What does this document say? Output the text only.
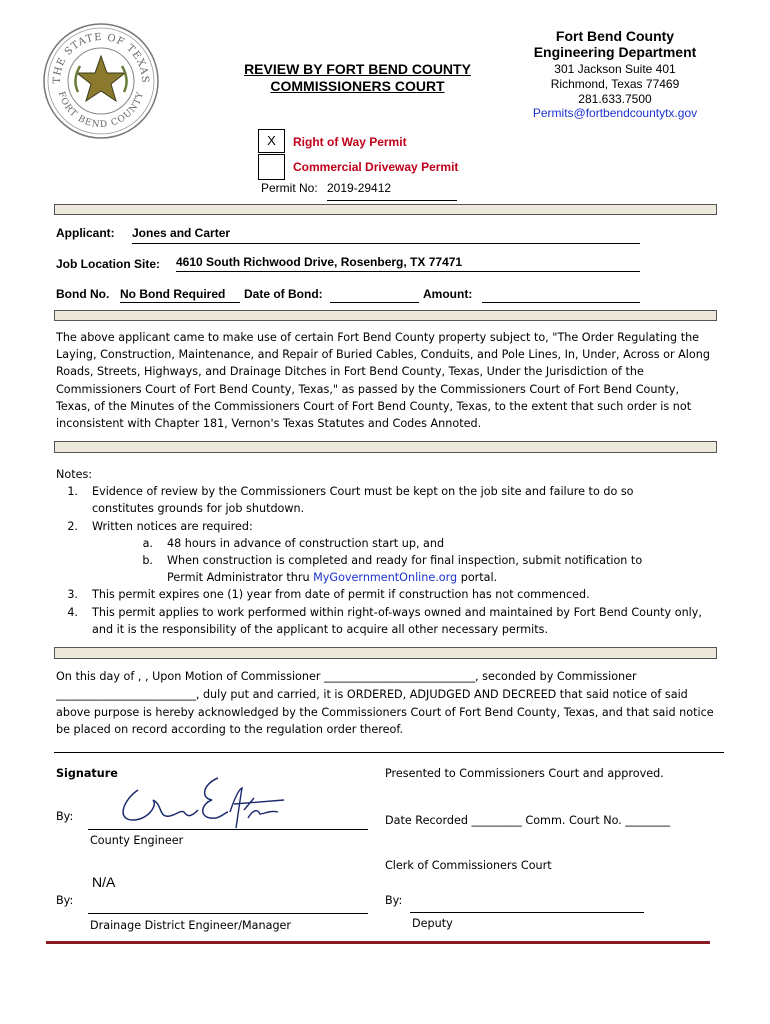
THE STATE OF TEXAS
FORT BEND COUNTY
REVIEW BY FORT BEND COUNTY
COMMISSIONERS COURT
Fort Bend County
Engineering Department
301 Jackson Suite 401
Richmond, Texas 77469
281.633.7500
Permits@fortbendcountytx.gov
X	Right of Way Permit
Commercial Driveway Permit
Permit No: 2019-29412
Applicant: Jones and Carter
Job Location Site: 4610 South Richwood Drive, Rosenberg, TX 77471
Bond No. No Bond Required	Date of Bond:	Amount:
The above applicant came to make use of certain Fort Bend County property subject to, "The Order Regulating the Laying, Construction, Maintenance, and Repair of Buried Cables, Conduits, and Pole Lines, In, Under, Across or Along Roads, Streets, Highways, and Drainage Ditches in Fort Bend County, Texas, Under the Jurisdiction of the Commissioners Court of Fort Bend County, Texas," as passed by the Commissioners Court of Fort Bend County, Texas, of the Minutes of the Commissioners Court of Fort Bend County, Texas, to the extent that such order is not inconsistent with Chapter 181, Vernon's Texas Statutes and Codes Annoted.
Notes:
1. Evidence of review by the Commissioners Court must be kept on the job site and failure to do so constitutes grounds for job shutdown.
2. Written notices are required:
a. 48 hours in advance of construction start up, and
b. When construction is completed and ready for final inspection, submit notification to Permit Administrator thru MyGovernmentOnline.org portal.
3. This permit expires one (1) year from date of permit if construction has not commenced.
4. This permit applies to work performed within right-of-ways owned and maintained by Fort Bend County only, and it is the responsibility of the applicant to acquire all other necessary permits.
On this day of , , Upon Motion of Commissioner ___________________________, seconded by Commissioner _________________________, duly put and carried, it is ORDERED, ADJUDGED AND DECREED that said notice of said above purpose is hereby acknowledged by the Commissioners Court of Fort Bend County, Texas, and that said notice be placed on record according to the regulation order thereof.
Signature
By:
County Engineer
N/A
By:
Drainage District Engineer/Manager
Presented to Commissioners Court and approved.
Date Recorded _________ Comm. Court No. ________
Clerk of Commissioners Court
By:
Deputy
